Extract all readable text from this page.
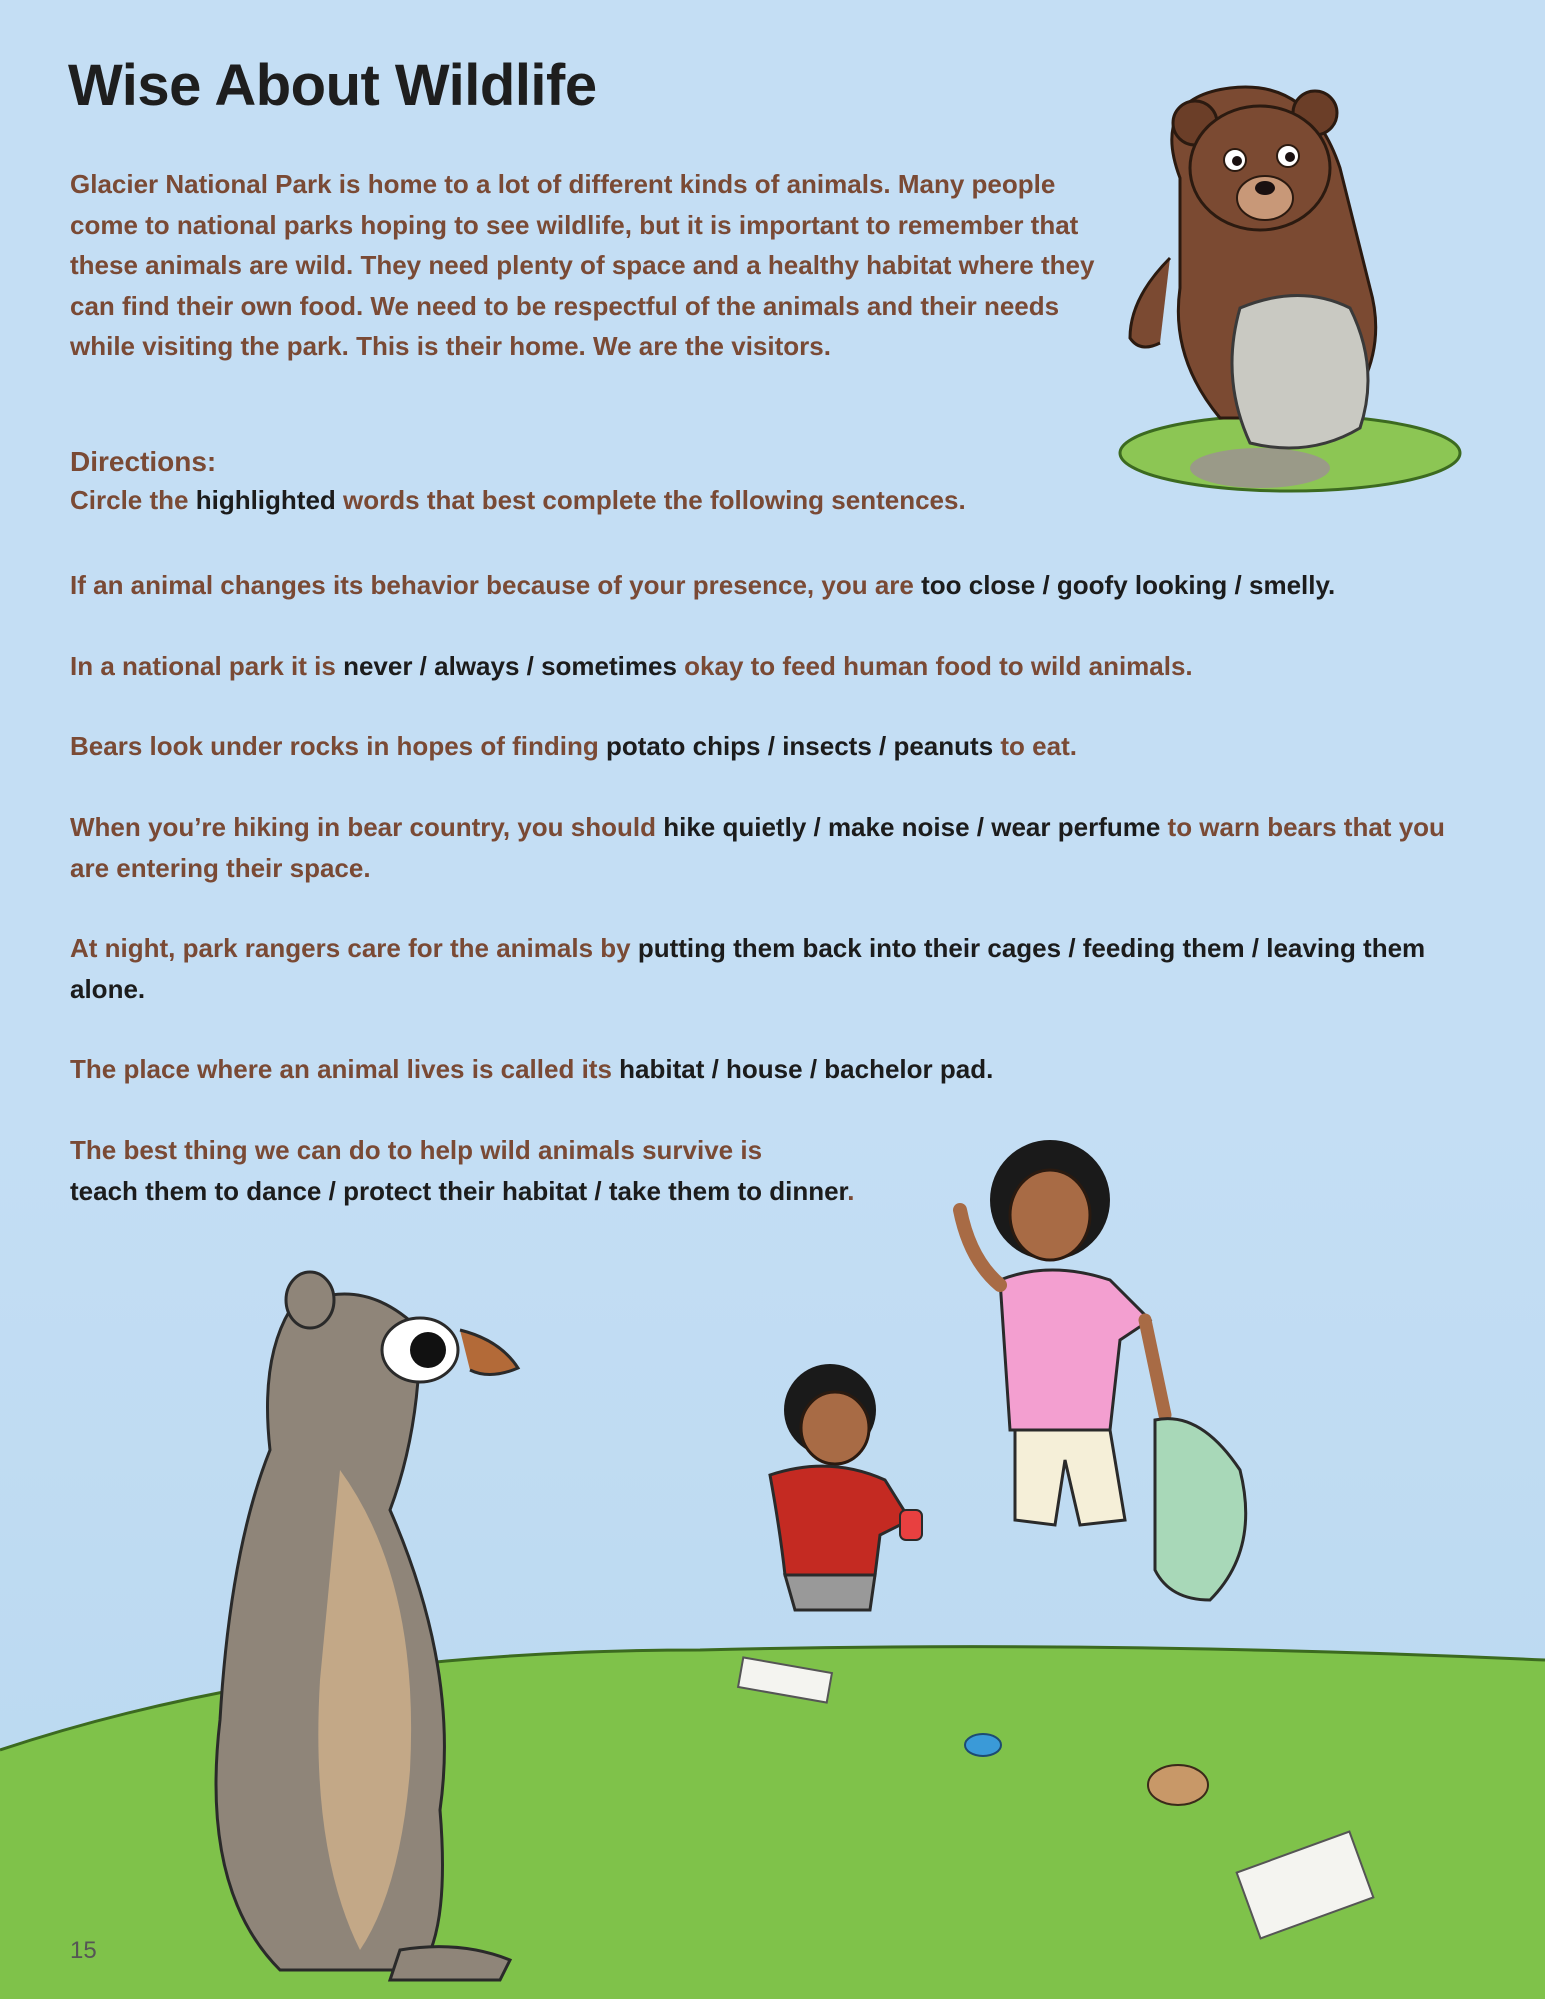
Wise About Wildlife

Glacier National Park is home to a lot of different kinds of animals. Many people come to national parks hoping to see wildlife, but it is important to remember that these animals are wild. They need plenty of space and a healthy habitat where they can find their own food. We need to be respectful of the animals and their needs while visiting the park. This is their home. We are the visitors.

Directions:

Circle the highlighted words that best complete the following sentences.

If an animal changes its behavior because of your presence, you are too close / goofy looking / smelly.

In a national park it is never / always / sometimes okay to feed human food to wild animals.

Bears look under rocks in hopes of finding potato chips / insects / peanuts to eat.

When you’re hiking in bear country, you should hike quietly / make noise / wear perfume to warn bears that you are entering their space.

At night, park rangers care for the animals by putting them back into their cages / feeding them / leaving them alone.

The place where an animal lives is called its habitat / house / bachelor pad.

The best thing we can do to help wild animals survive is
teach them to dance / protect their habitat / take them to dinner.

15
